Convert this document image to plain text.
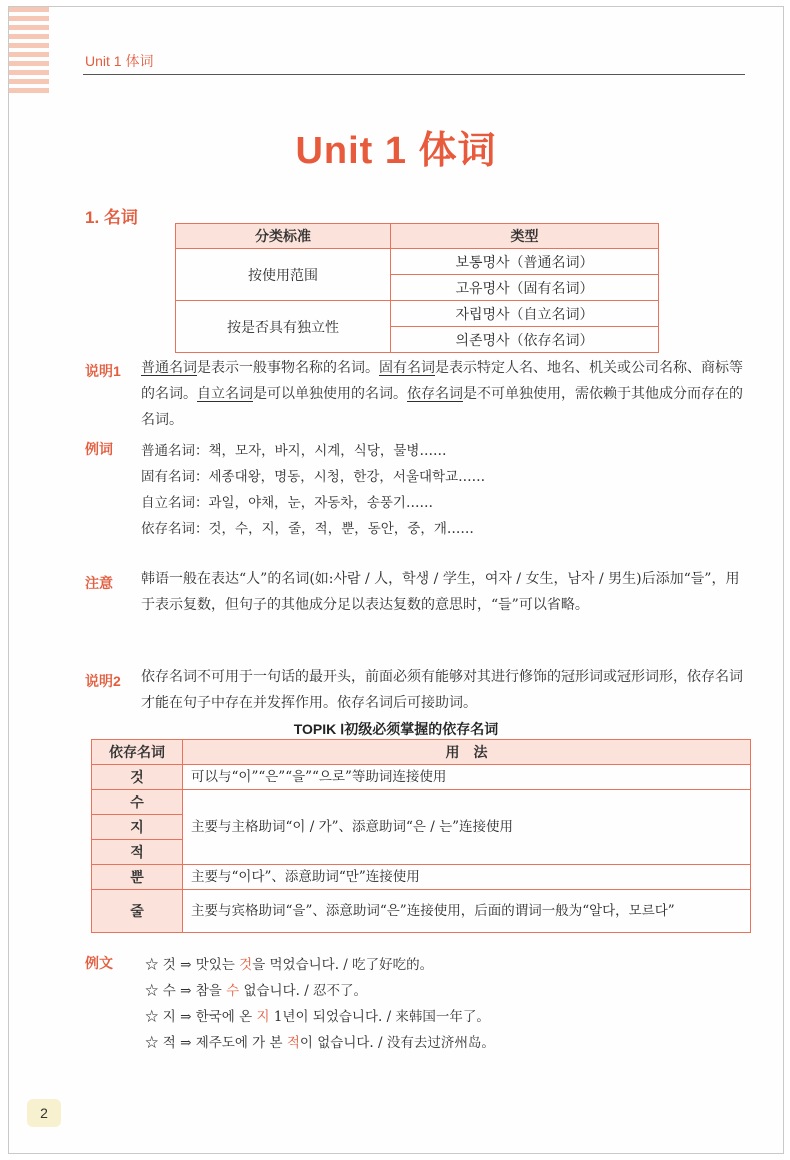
Unit 1 体词
Unit 1 体词
1. 名词
分类标准	类型
按使用范围	보통명사（普通名词）
	고유명사（固有名词）
按是否具有独立性	자립명사（自立名词）
	의존명사（依存名词）
说明1 普通名词是表示一般事物名称的名词。固有名词是表示特定人名、地名、机关或公司名称、商标等的名词。自立名词是可以单独使用的名词。依存名词是不可单独使用，需依赖于其他成分而存在的名词。
例词 普通名词：책，모자，바지，시계，식당，물병……
固有名词：세종대왕，명동，시청，한강，서울대학교……
自立名词：과일，야채，눈，자동차，송풍기……
依存名词：것，수，지，줄，적，뿐，동안，중，개……
注意 韩语一般在表达“人”的名词(如:사람 / 人，학생 / 学生，여자 / 女生，남자 / 男生)后添加“들”，用于表示复数，但句子的其他成分足以表达复数的意思时，“들”可以省略。
说明2 依存名词不可用于一句话的最开头，前面必须有能够对其进行修饰的冠形词或冠形词形，依存名词才能在句子中存在并发挥作用。依存名词后可接助词。
TOPIK Ⅰ初级必须掌握的依存名词
依存名词	用　法
것	可以与“이”“은”“을”“으로”等助词连接使用
수	主要与主格助词“이 / 가”、添意助词“은 / 는”连接使用
지	
적	
뿐	主要与“이다”、添意助词“만”连接使用
줄	主要与宾格助词“을”、添意助词“은”连接使用，后面的谓词一般为“알다，모르다”
例文 ☆ 것 ⇒ 맛있는 것을 먹었습니다. / 吃了好吃的。
☆ 수 ⇒ 참을 수 없습니다. / 忍不了。
☆ 지 ⇒ 한국에 온 지 1년이 되었습니다. / 来韩国一年了。
☆ 적 ⇒ 제주도에 가 본 적이 없습니다. / 没有去过济州岛。
2
